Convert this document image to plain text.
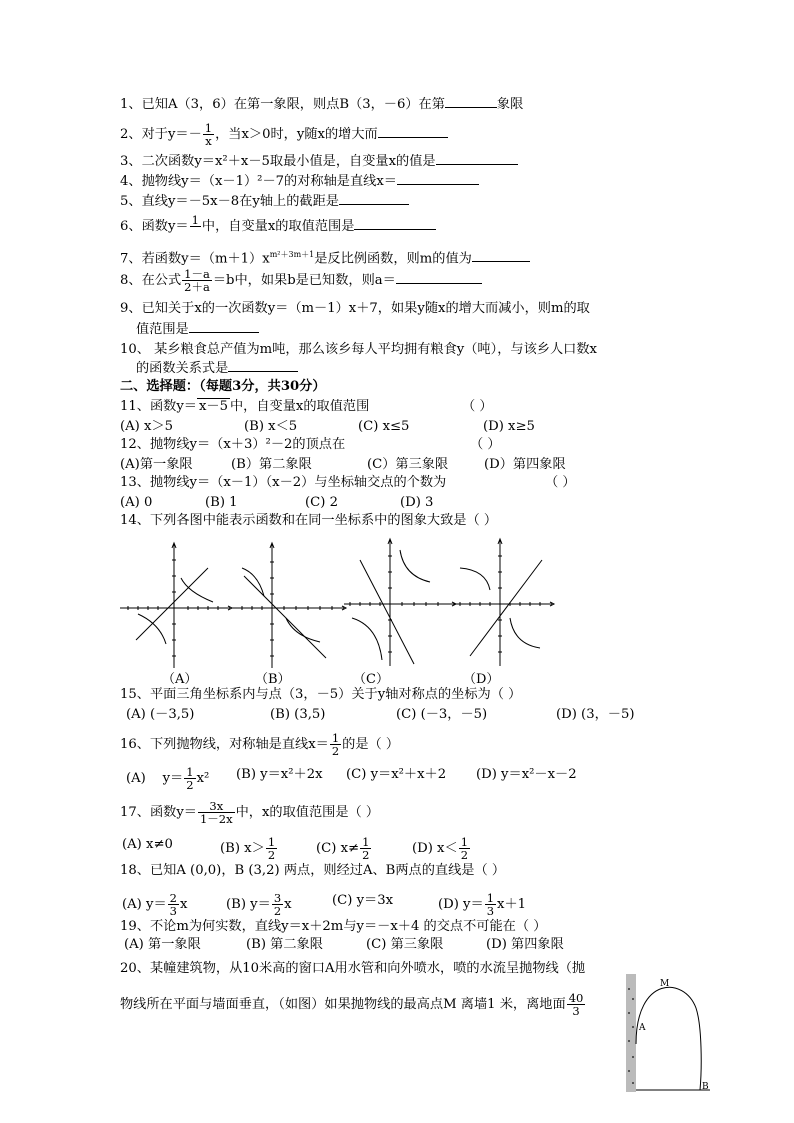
1、已知A（3，6）在第一象限，则点B（3，－6）在第	象限
2、对于$y=- \frac{1}{x}$ ，当x＞0时，y随x的增大而
3、二次函数y＝x²＋x－5取最小值是，自变量x的值是
4、抛物线y＝（x－1）²－7的对称轴是直线x＝
5、直线y＝－5x－8在y轴上的截距是
6、函数y＝ 1
中，自变量x的取值范围是
7、若函数$y=(m+1)x^{m^2+3m+1}$是反比例函数，则m的值为
8、在公式 $\frac{1-a}{2+a} =b$中，如果b是已知数，则a＝
9、已知关于x的一次函数y＝（m－1）x＋7，如果y随x的增大而减小，则m的取
值范围是
10、 某乡粮食总产值为m吨，那么该乡每人平均拥有粮食y（吨），与该乡人口数x
的函数关系式是
二、选择题：（每题3分，共30分）
11、函数y＝ x－5 中，自变量x的取值范围	（ ）
(A) x＞5	(B) x＜5	(C) x≤5	(D) x≥5
12、抛物线y＝（x＋3）²－2的顶点在	（ ）
(A)第一象限	(B）第二象限	(C）第三象限	(D）第四象限
13、抛物线y＝（x－1）（x－2）与坐标轴交点的个数为	（ ）
(A) 0	(B) 1	(C) 2	(D) 3
14、下列各图中能表示函数和在同一坐标系中的图象大致是（ ）
（A）	（B）	（C）	（D）
15、平面三角坐标系内与点（3，－5）关于y轴对称点的坐标为（ ）
(A) (－3,5)	(B) (3,5)	(C) (－3，－5)	(D) (3，－5)
16、下列抛物线，对称轴是直线$x= \frac{1}{2}$ 的是（ ）
(A) $y= \frac{1}{2} x^2$ (B) y＝x²＋2x (C) y＝x²＋x＋2 (D) y＝x²－x－2
17、函数$y= \frac{3x}{1-2x}$ 中，x的取值范围是（ ）
(A) x≠0	(B) $x> \frac{1}{2}$	(C) $x\ne \frac{1}{2}$	(D) $x< \frac{1}{2}$
18、已知A (0,0)，B (3,2) 两点，则经过A、B两点的直线是（ ）
(A) $y= \frac{2}{3}$ x	(B) $y= \frac{3}{2}$ x	(C) y＝3x	(D) $y= \frac{1}{3} x+1$
19、不论m为何实数，直线y＝x＋2m与y＝－x＋4 的交点不可能在（ ）
(A) 第一象限	(B) 第二象限	(C) 第三象限	(D) 第四象限
20、某幢建筑物，从10米高的窗口A用水管和向外喷水，喷的水流呈抛物线（抛
物线所在平面与墙面垂直，（如图）如果抛物线的最高点M 离墙1 米，离地面 $\frac{40}{3}$
M
A
B
